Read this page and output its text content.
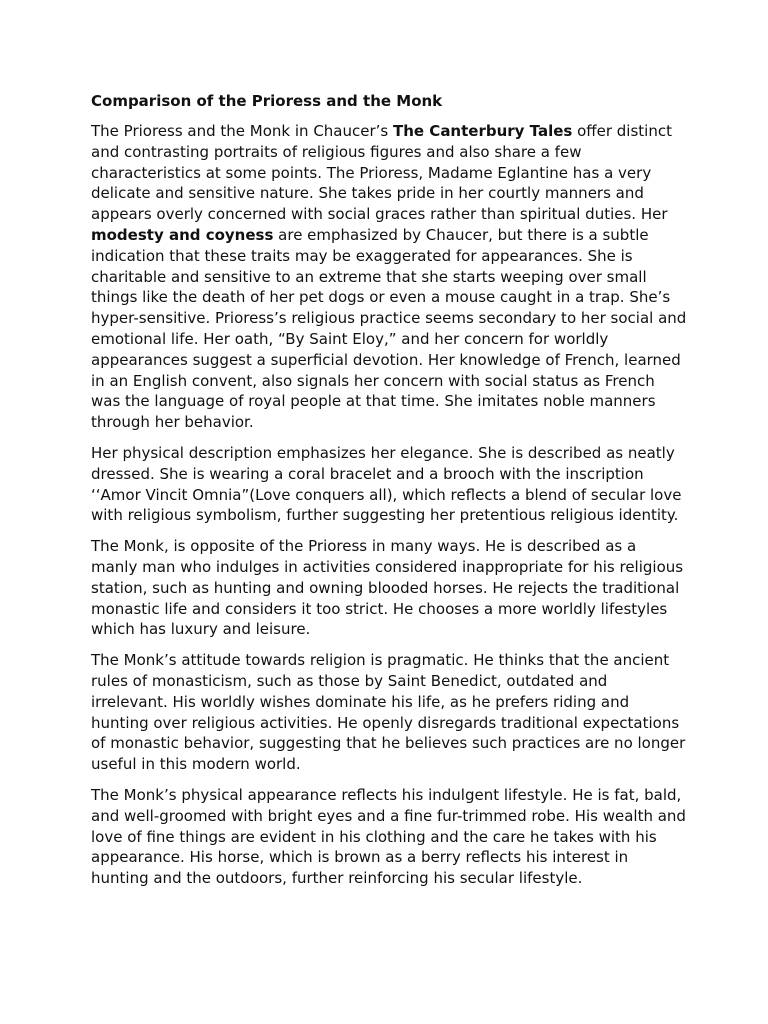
Comparison of the Prioress and the Monk

The Prioress and the Monk in Chaucer’s The Canterbury Tales offer distinct and contrasting portraits of religious figures and also share a few characteristics at some points. The Prioress, Madame Eglantine has a very delicate and sensitive nature. She takes pride in her courtly manners and appears overly concerned with social graces rather than spiritual duties. Her modesty and coyness are emphasized by Chaucer, but there is a subtle indication that these traits may be exaggerated for appearances. She is charitable and sensitive to an extreme that she starts weeping over small things like the death of her pet dogs or even a mouse caught in a trap. She’s hyper-sensitive. Prioress’s religious practice seems secondary to her social and emotional life. Her oath, “By Saint Eloy,” and her concern for worldly appearances suggest a superficial devotion. Her knowledge of French, learned in an English convent, also signals her concern with social status as French was the language of royal people at that time. She imitates noble manners through her behavior.

Her physical description emphasizes her elegance. She is described as neatly dressed. She is wearing a coral bracelet and a brooch with the inscription ‘‘Amor Vincit Omnia”(Love conquers all), which reflects a blend of secular love with religious symbolism, further suggesting her pretentious religious identity.

The Monk, is opposite of the Prioress in many ways. He is described as a manly man who indulges in activities considered inappropriate for his religious station, such as hunting and owning blooded horses. He rejects the traditional monastic life and considers it too strict. He chooses a more worldly lifestyles which has luxury and leisure.

The Monk’s attitude towards religion is pragmatic. He thinks that the ancient rules of monasticism, such as those by Saint Benedict, outdated and irrelevant. His worldly wishes dominate his life, as he prefers riding and hunting over religious activities. He openly disregards traditional expectations of monastic behavior, suggesting that he believes such practices are no longer useful in this modern world.

The Monk’s physical appearance reflects his indulgent lifestyle. He is fat, bald, and well-groomed with bright eyes and a fine fur-trimmed robe. His wealth and love of fine things are evident in his clothing and the care he takes with his appearance. His horse, which is brown as a berry reflects his interest in hunting and the outdoors, further reinforcing his secular lifestyle.
